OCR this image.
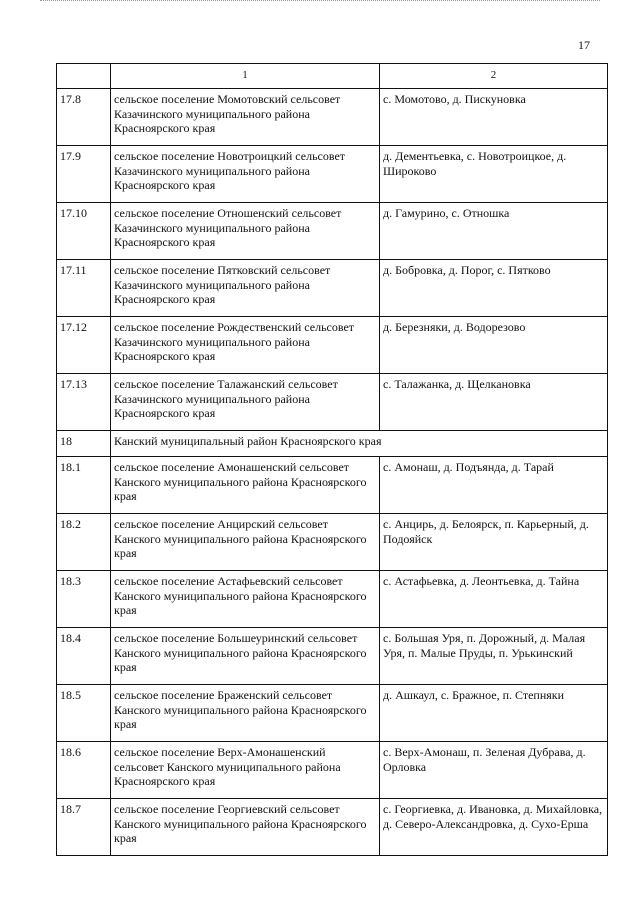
17
	1	2
17.8	сельское поселение Момотовский сельсовет Казачинского муниципального района Красноярского края	с. Момотово, д. Пискуновка
17.9	сельское поселение Новотроицкий сельсовет Казачинского муниципального района Красноярского края	д. Дементьевка, с. Новотроицкое, д. Широково
17.10	сельское поселение Отношенский сельсовет Казачинского муниципального района Красноярского края	д. Гамурино, с. Отношка
17.11	сельское поселение Пятковский сельсовет Казачинского муниципального района Красноярского края	д. Бобровка, д. Порог, с. Пятково
17.12	сельское поселение Рождественский сельсовет Казачинского муниципального района Красноярского края	д. Березняки, д. Водорезово
17.13	сельское поселение Талажанский сельсовет Казачинского муниципального района Красноярского края	с. Талажанка, д. Щелкановка
18	Канский муниципальный район Красноярского края	
18.1	сельское поселение Амонашенский сельсовет Канского муниципального района Красноярского края	с. Амонаш, д. Подъянда, д. Тарай
18.2	сельское поселение Анцирский сельсовет Канского муниципального района Красноярского края	с. Анцирь, д. Белоярск, п. Карьерный, д. Подояйск
18.3	сельское поселение Астафьевский сельсовет Канского муниципального района Красноярского края	с. Астафьевка, д. Леонтьевка, д. Тайна
18.4	сельское поселение Большеуринский сельсовет Канского муниципального района Красноярского края	с. Большая Уря, п. Дорожный, д. Малая Уря, п. Малые Пруды, п. Урькинский
18.5	сельское поселение Браженский сельсовет Канского муниципального района Красноярского края	д. Ашкаул, с. Бражное, п. Степняки
18.6	сельское поселение Верх-Амонашенский сельсовет Канского муниципального района Красноярского края	с. Верх-Амонаш, п. Зеленая Дубрава, д. Орловка
18.7	сельское поселение Георгиевский сельсовет Канского муниципального района Красноярского края	с. Георгиевка, д. Ивановка, д. Михайловка, д. Северо-Александровка, д. Сухо-Ерша
